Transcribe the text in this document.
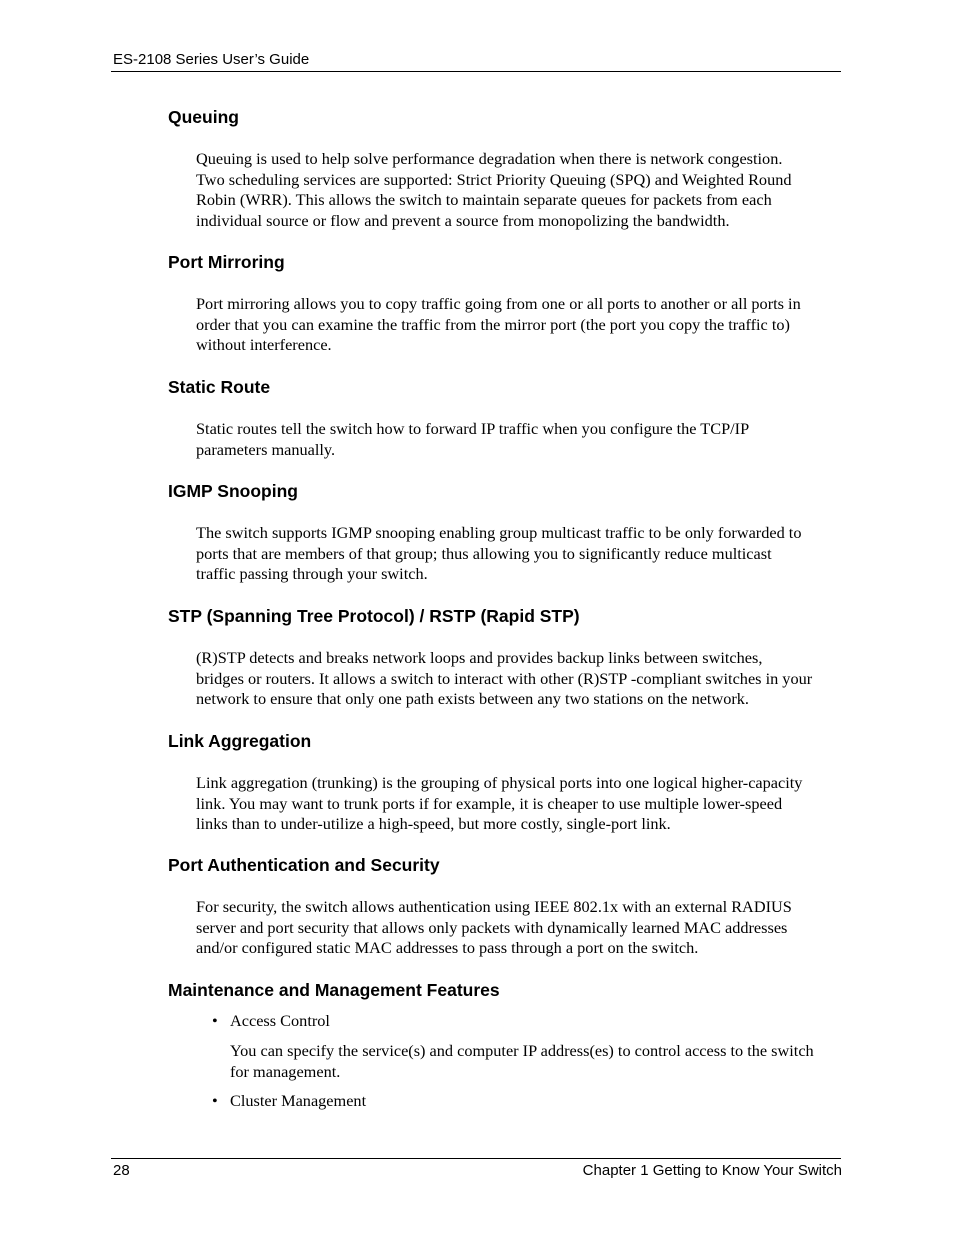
ES-2108 Series User’s Guide
Queuing
Queuing is used to help solve performance degradation when there is network congestion.
Two scheduling services are supported: Strict Priority Queuing (SPQ) and Weighted Round
Robin (WRR). This allows the switch to maintain separate queues for packets from each
individual source or flow and prevent a source from monopolizing the bandwidth.
Port Mirroring
Port mirroring allows you to copy traffic going from one or all ports to another or all ports in
order that you can examine the traffic from the mirror port (the port you copy the traffic to)
without interference.
Static Route
Static routes tell the switch how to forward IP traffic when you configure the TCP/IP
parameters manually.
IGMP Snooping
The switch supports IGMP snooping enabling group multicast traffic to be only forwarded to
ports that are members of that group; thus allowing you to significantly reduce multicast
traffic passing through your switch.
STP (Spanning Tree Protocol) / RSTP (Rapid STP)
(R)STP detects and breaks network loops and provides backup links between switches,
bridges or routers. It allows a switch to interact with other (R)STP -compliant switches in your
network to ensure that only one path exists between any two stations on the network.
Link Aggregation
Link aggregation (trunking) is the grouping of physical ports into one logical higher-capacity
link. You may want to trunk ports if for example, it is cheaper to use multiple lower-speed
links than to under-utilize a high-speed, but more costly, single-port link.
Port Authentication and Security
For security, the switch allows authentication using IEEE 802.1x with an external RADIUS
server and port security that allows only packets with dynamically learned MAC addresses
and/or configured static MAC addresses to pass through a port on the switch.
Maintenance and Management Features
• Access Control
You can specify the service(s) and computer IP address(es) to control access to the switch
for management.
• Cluster Management
28	Chapter 1 Getting to Know Your Switch
